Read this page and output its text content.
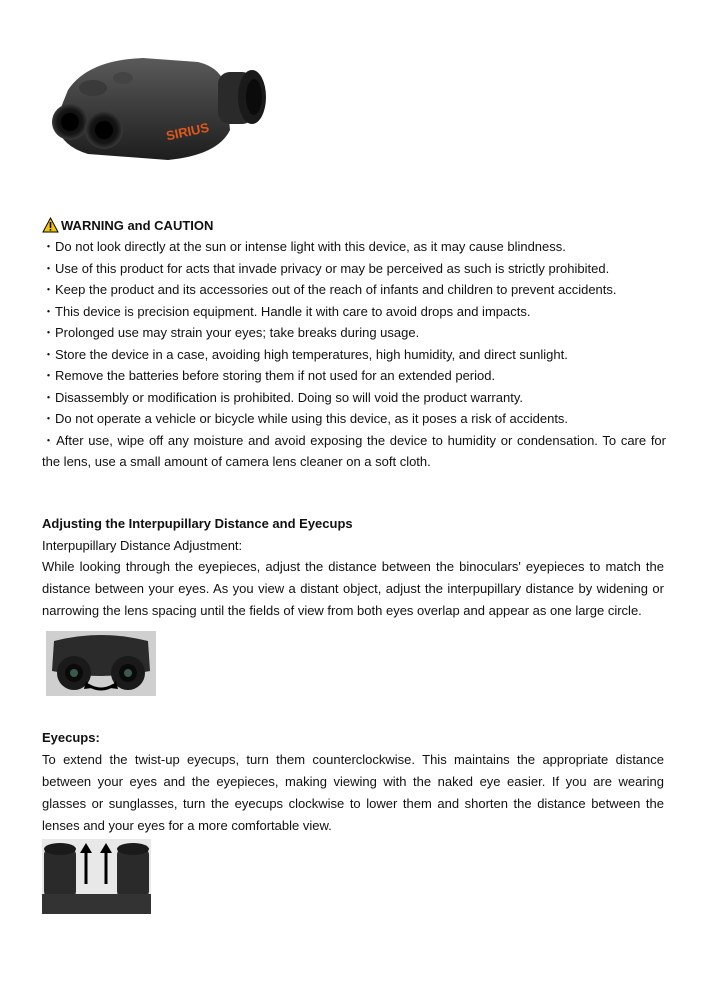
SIRIUS
WARNING and CAUTION
・Do not look directly at the sun or intense light with this device, as it may cause blindness.
・Use of this product for acts that invade privacy or may be perceived as such is strictly prohibited.
・Keep the product and its accessories out of the reach of infants and children to prevent accidents.
・This device is precision equipment. Handle it with care to avoid drops and impacts.
・Prolonged use may strain your eyes; take breaks during usage.
・Store the device in a case, avoiding high temperatures, high humidity, and direct sunlight.
・Remove the batteries before storing them if not used for an extended period.
・Disassembly or modification is prohibited. Doing so will void the product warranty.
・Do not operate a vehicle or bicycle while using this device, as it poses a risk of accidents.
・After use, wipe off any moisture and avoid exposing the device to humidity or condensation. To care for the lens, use a small amount of camera lens cleaner on a soft cloth.
Adjusting the Interpupillary Distance and Eyecups
Interpupillary Distance Adjustment:
While looking through the eyepieces, adjust the distance between the binoculars' eyepieces to match the distance between your eyes. As you view a distant object, adjust the interpupillary distance by widening or narrowing the lens spacing until the fields of view from both eyes overlap and appear as one large circle.
Eyecups:
To extend the twist-up eyecups, turn them counterclockwise. This maintains the appropriate distance between your eyes and the eyepieces, making viewing with the naked eye easier. If you are wearing glasses or sunglasses, turn the eyecups clockwise to lower them and shorten the distance between the lenses and your eyes for a more comfortable view.
